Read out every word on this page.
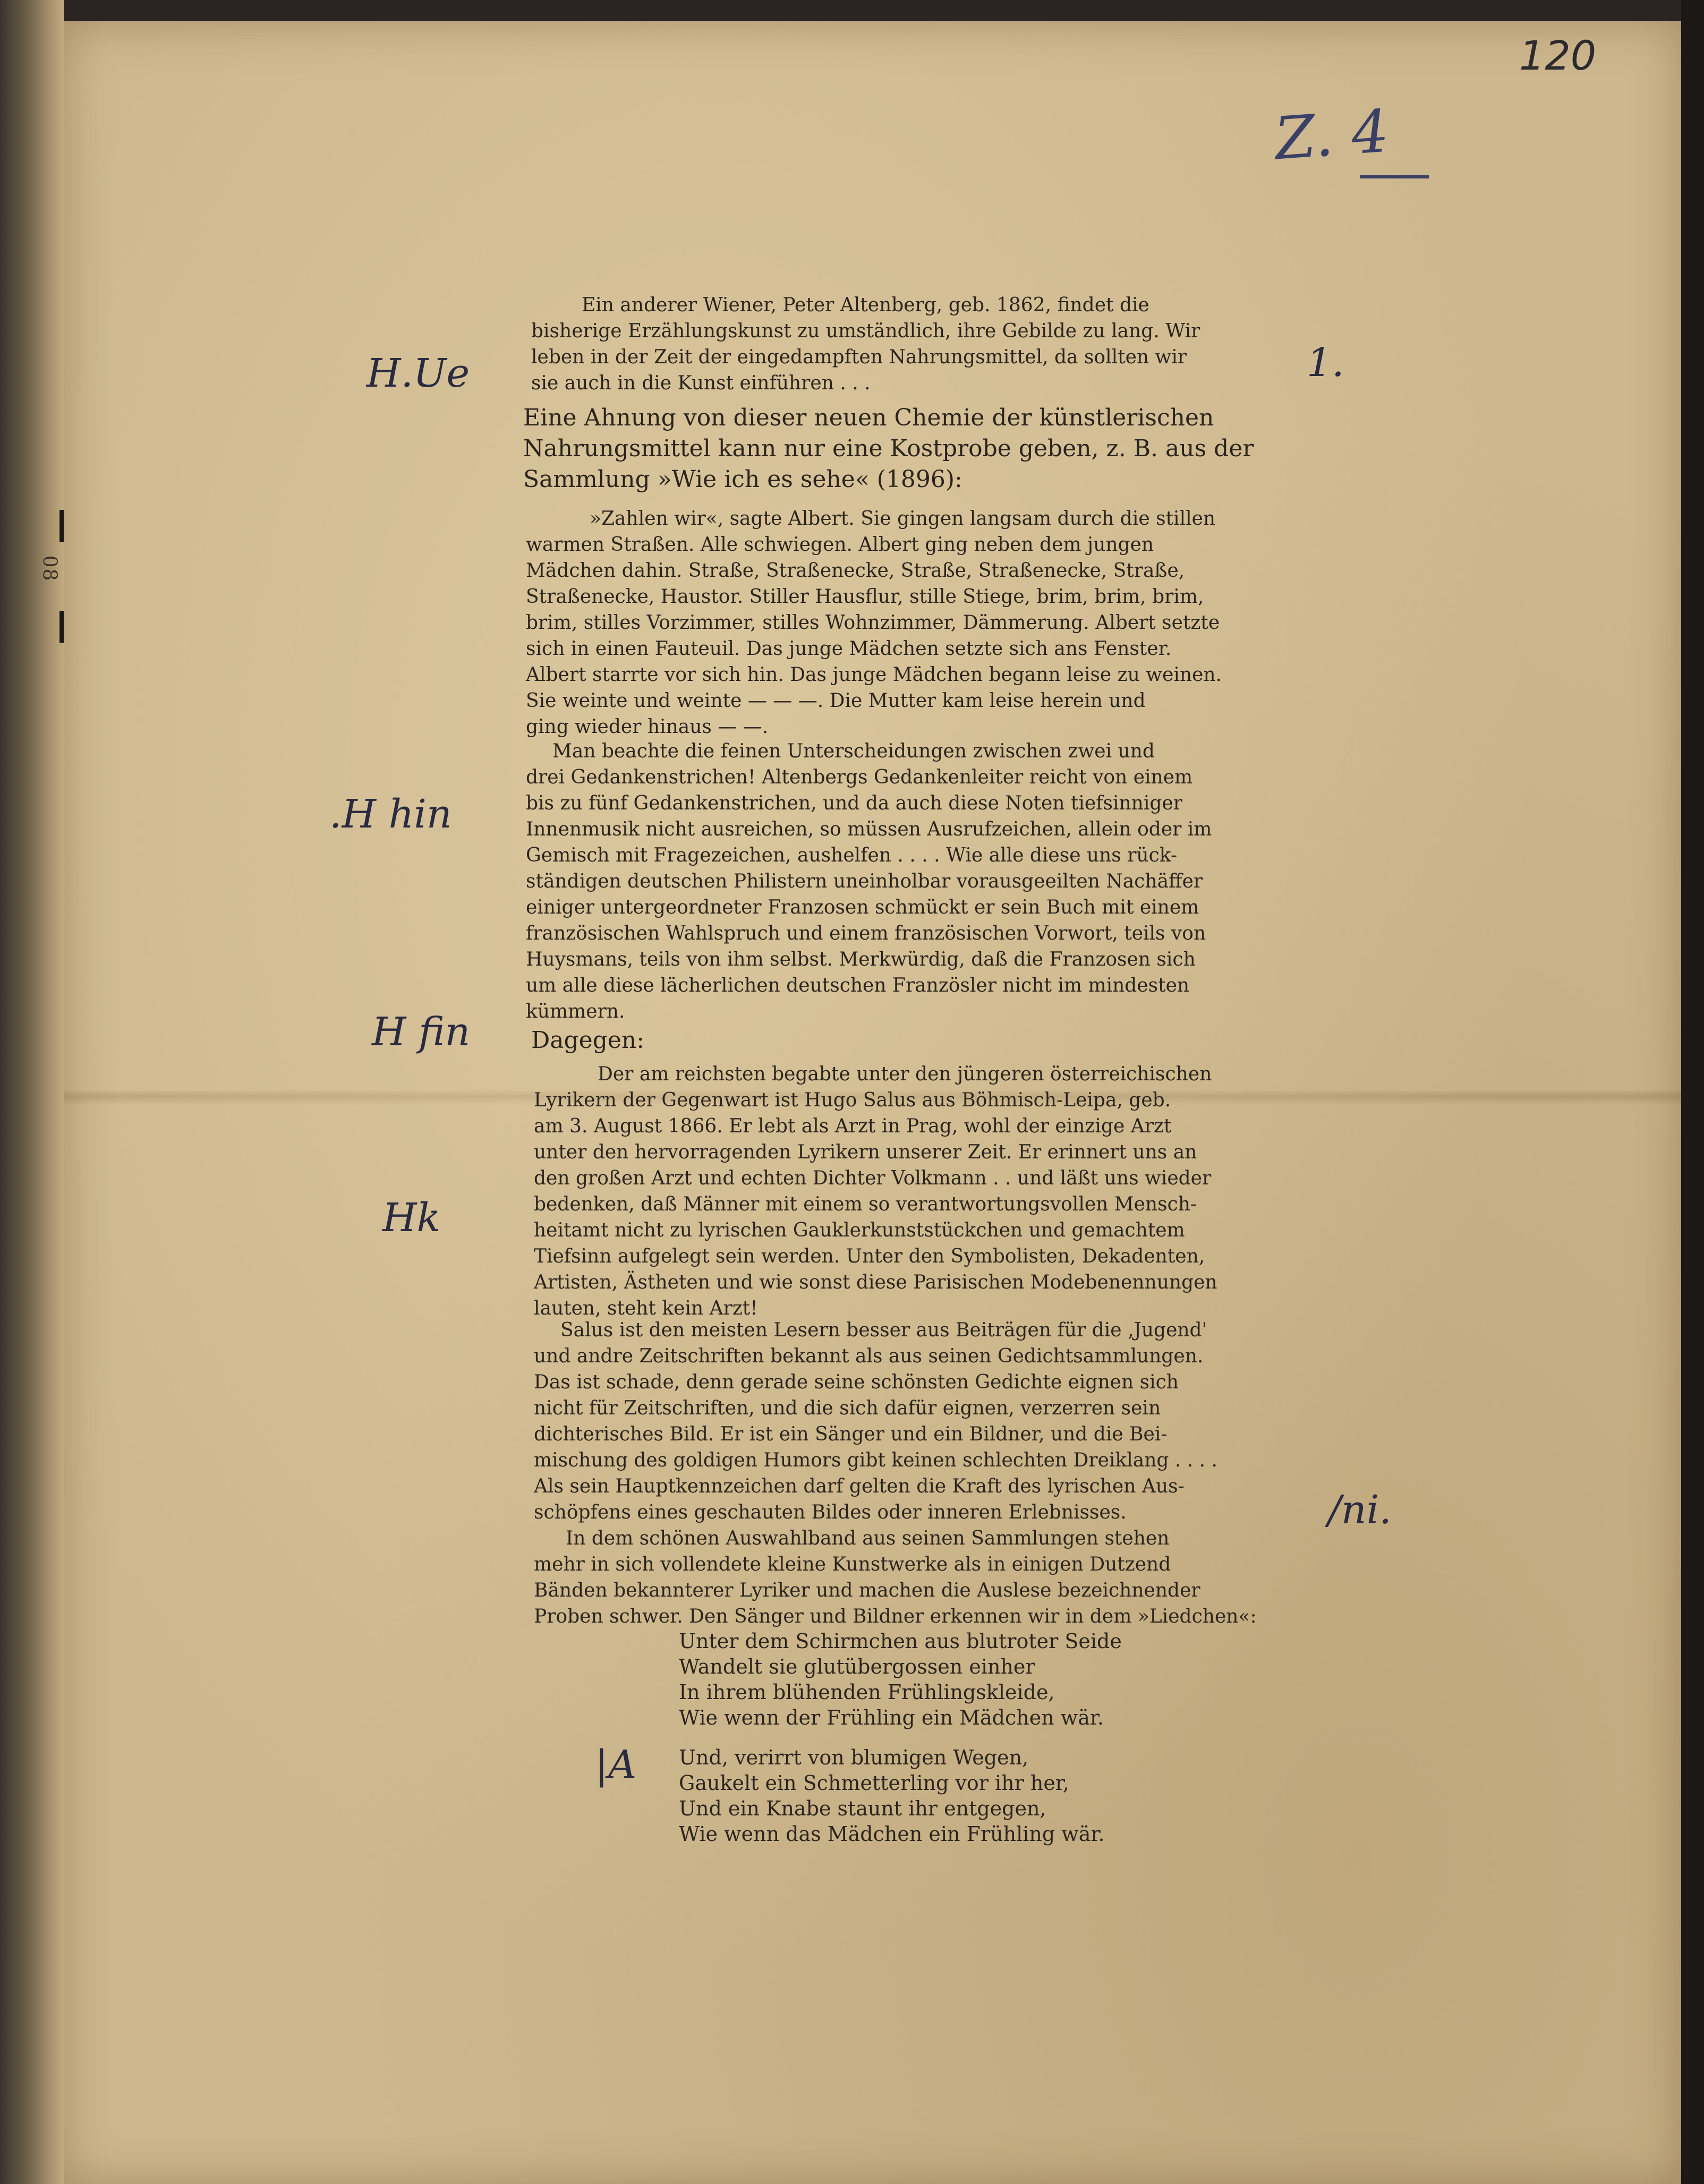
08
120
Z. 4
H.Ue	1.
.H hin
H fin
Hk
/ni.
|A
Ein anderer Wiener, Peter Altenberg, geb. 1862, findet die
bisherige Erzählungskunst zu umständlich, ihre Gebilde zu lang. Wir
leben in der Zeit der eingedampften Nahrungsmittel, da sollten wir
sie auch in die Kunst einführen . . .
Eine Ahnung von dieser neuen Chemie der künstlerischen
Nahrungsmittel kann nur eine Kostprobe geben, z. B. aus der
Sammlung »Wie ich es sehe« (1896):
»Zahlen wir«, sagte Albert. Sie gingen langsam durch die stillen
warmen Straßen. Alle schwiegen. Albert ging neben dem jungen
Mädchen dahin. Straße, Straßenecke, Straße, Straßenecke, Straße,
Straßenecke, Haustor. Stiller Hausflur, stille Stiege, brim, brim, brim,
brim, stilles Vorzimmer, stilles Wohnzimmer, Dämmerung. Albert setzte
sich in einen Fauteuil. Das junge Mädchen setzte sich ans Fenster.
Albert starrte vor sich hin. Das junge Mädchen begann leise zu weinen.
Sie weinte und weinte — — —. Die Mutter kam leise herein und
ging wieder hinaus — —.
Man beachte die feinen Unterscheidungen zwischen zwei und
drei Gedankenstrichen! Altenbergs Gedankenleiter reicht von einem
bis zu fünf Gedankenstrichen, und da auch diese Noten tiefsinniger
Innenmusik nicht ausreichen, so müssen Ausrufzeichen, allein oder im
Gemisch mit Fragezeichen, aushelfen . . . . Wie alle diese uns rück-
ständigen deutschen Philistern uneinholbar vorausgeeilten Nachäffer
einiger untergeordneter Franzosen schmückt er sein Buch mit einem
französischen Wahlspruch und einem französischen Vorwort, teils von
Huysmans, teils von ihm selbst. Merkwürdig, daß die Franzosen sich
um alle diese lächerlichen deutschen Französler nicht im mindesten
kümmern.
Dagegen:
Der am reichsten begabte unter den jüngeren österreichischen
Lyrikern der Gegenwart ist Hugo Salus aus Böhmisch-Leipa, geb.
am 3. August 1866. Er lebt als Arzt in Prag, wohl der einzige Arzt
unter den hervorragenden Lyrikern unserer Zeit. Er erinnert uns an
den großen Arzt und echten Dichter Volkmann . . und läßt uns wieder
bedenken, daß Männer mit einem so verantwortungsvollen Mensch-
heitamt nicht zu lyrischen Gauklerkunststückchen und gemachtem
Tiefsinn aufgelegt sein werden. Unter den Symbolisten, Dekadenten,
Artisten, Ästheten und wie sonst diese Parisischen Modebenennungen
lauten, steht kein Arzt!
Salus ist den meisten Lesern besser aus Beiträgen für die ‚Jugend'
und andre Zeitschriften bekannt als aus seinen Gedichtsammlungen.
Das ist schade, denn gerade seine schönsten Gedichte eignen sich
nicht für Zeitschriften, und die sich dafür eignen, verzerren sein
dichterisches Bild. Er ist ein Sänger und ein Bildner, und die Bei-
mischung des goldigen Humors gibt keinen schlechten Dreiklang . . . .
Als sein Hauptkennzeichen darf gelten die Kraft des lyrischen Aus-
schöpfens eines geschauten Bildes oder inneren Erlebnisses.
In dem schönen Auswahlband aus seinen Sammlungen stehen
mehr in sich vollendete kleine Kunstwerke als in einigen Dutzend
Bänden bekannterer Lyriker und machen die Auslese bezeichnender
Proben schwer. Den Sänger und Bildner erkennen wir in dem »Liedchen«:
Unter dem Schirmchen aus blutroter Seide
Wandelt sie glutübergossen einher
In ihrem blühenden Frühlingskleide,
Wie wenn der Frühling ein Mädchen wär.
Und, verirrt von blumigen Wegen,
Gaukelt ein Schmetterling vor ihr her,
Und ein Knabe staunt ihr entgegen,
Wie wenn das Mädchen ein Frühling wär.
